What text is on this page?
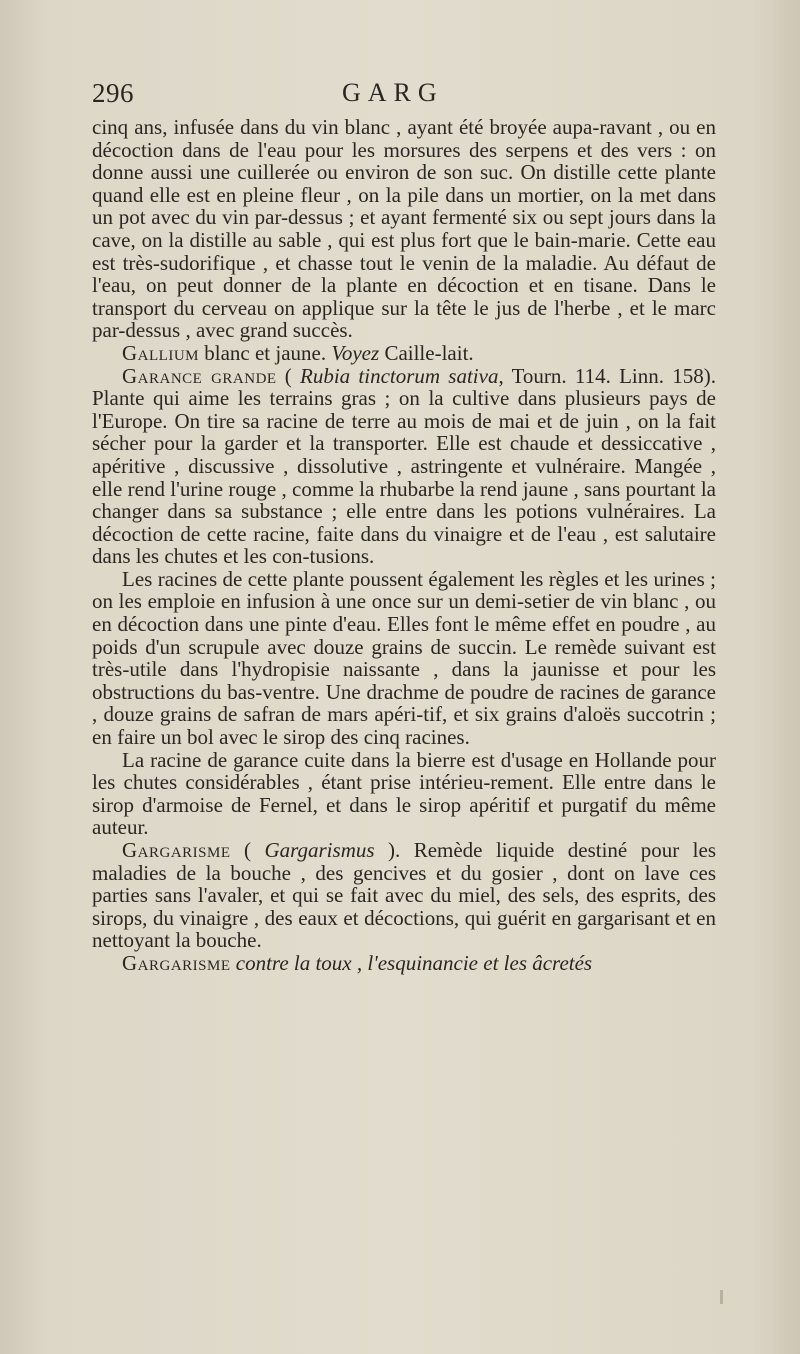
296	GARG

cinq ans, infusée dans du vin blanc , ayant été broyée aupa-ravant , ou en décoction dans de l'eau pour les morsures des serpens et des vers : on donne aussi une cuillerée ou environ de son suc. On distille cette plante quand elle est en pleine fleur , on la pile dans un mortier, on la met dans un pot avec du vin par-dessus ; et ayant fermenté six ou sept jours dans la cave, on la distille au sable , qui est plus fort que le bain-marie. Cette eau est très-sudorifique , et chasse tout le venin de la maladie. Au défaut de l'eau, on peut donner de la plante en décoction et en tisane. Dans le transport du cerveau on applique sur la tête le jus de l'herbe , et le marc par-dessus , avec grand succès.

Gallium blanc et jaune. Voyez Caille-lait.

Garance grande ( Rubia tinctorum sativa, Tourn. 114. Linn. 158). Plante qui aime les terrains gras ; on la cultive dans plusieurs pays de l'Europe. On tire sa racine de terre au mois de mai et de juin , on la fait sécher pour la garder et la transporter. Elle est chaude et dessiccative , apéritive , discussive , dissolutive , astringente et vulnéraire. Mangée , elle rend l'urine rouge , comme la rhubarbe la rend jaune , sans pourtant la changer dans sa substance ; elle entre dans les potions vulnéraires. La décoction de cette racine, faite dans du vinaigre et de l'eau , est salutaire dans les chutes et les con-tusions.

Les racines de cette plante poussent également les règles et les urines ; on les emploie en infusion à une once sur un demi-setier de vin blanc , ou en décoction dans une pinte d'eau. Elles font le même effet en poudre , au poids d'un scrupule avec douze grains de succin. Le remède suivant est très-utile dans l'hydropisie naissante , dans la jaunisse et pour les obstructions du bas-ventre. Une drachme de poudre de racines de garance , douze grains de safran de mars apéri-tif, et six grains d'aloës succotrin ; en faire un bol avec le sirop des cinq racines.

La racine de garance cuite dans la bierre est d'usage en Hollande pour les chutes considérables , étant prise intérieu-rement. Elle entre dans le sirop d'armoise de Fernel, et dans le sirop apéritif et purgatif du même auteur.

Gargarisme ( Gargarismus ). Remède liquide destiné pour les maladies de la bouche , des gencives et du gosier , dont on lave ces parties sans l'avaler, et qui se fait avec du miel, des sels, des esprits, des sirops, du vinaigre , des eaux et décoctions, qui guérit en gargarisant et en nettoyant la bouche.

Gargarisme contre la toux , l'esquinancie et les âcretés
